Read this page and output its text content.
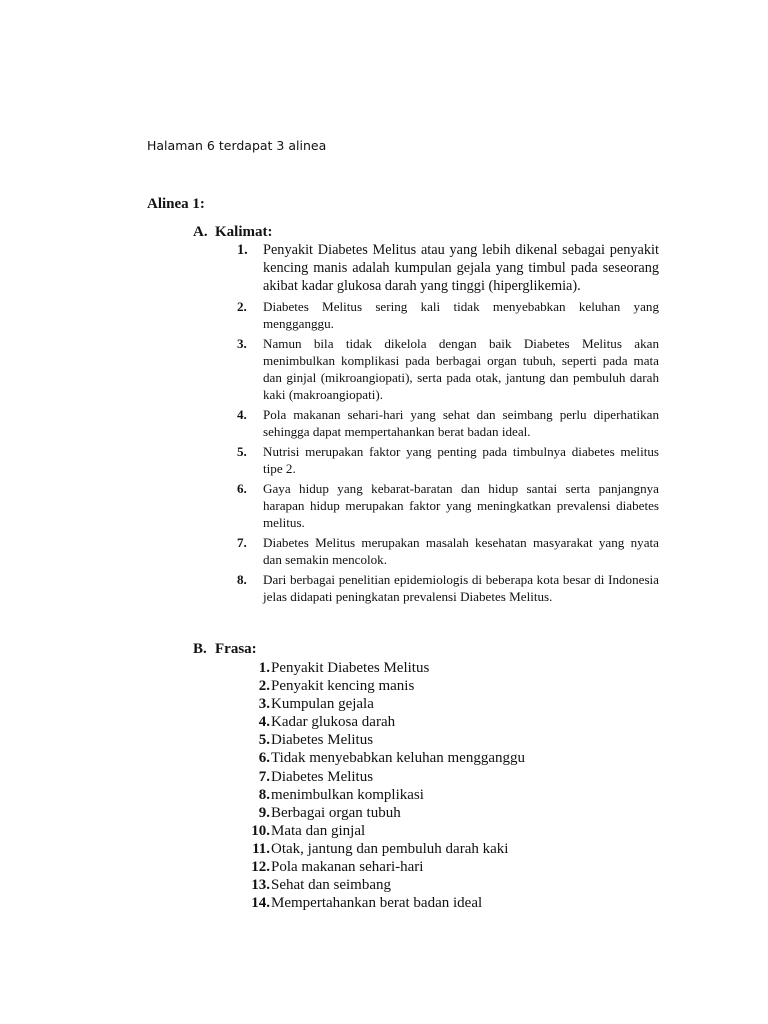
Halaman 6 terdapat 3 alinea
Alinea 1:
A. Kalimat:
1.	Penyakit Diabetes Melitus atau yang lebih dikenal sebagai penyakit kencing manis adalah kumpulan gejala yang timbul pada seseorang akibat kadar glukosa darah yang tinggi (hiperglikemia).
2.	Diabetes Melitus sering kali tidak menyebabkan keluhan yang mengganggu.
3.	Namun bila tidak dikelola dengan baik Diabetes Melitus akan menimbulkan komplikasi pada berbagai organ tubuh, seperti pada mata dan ginjal (mikroangiopati), serta pada otak, jantung dan pembuluh darah kaki (makroangiopati).
4.	Pola makanan sehari-hari yang sehat dan seimbang perlu diperhatikan sehingga dapat mempertahankan berat badan ideal.
5.	Nutrisi merupakan faktor yang penting pada timbulnya diabetes melitus tipe 2.
6.	Gaya hidup yang kebarat-baratan dan hidup santai serta panjangnya harapan hidup merupakan faktor yang meningkatkan prevalensi diabetes melitus.
7.	Diabetes Melitus merupakan masalah kesehatan masyarakat yang nyata dan semakin mencolok.
8.	Dari berbagai penelitian epidemiologis di beberapa kota besar di Indonesia jelas didapati peningkatan prevalensi Diabetes Melitus.
B. Frasa:
1. Penyakit Diabetes Melitus
2. Penyakit kencing manis
3. Kumpulan gejala
4. Kadar glukosa darah
5. Diabetes Melitus
6. Tidak menyebabkan keluhan mengganggu
7. Diabetes Melitus
8. menimbulkan komplikasi
9. Berbagai organ tubuh
10. Mata dan ginjal
11. Otak, jantung dan pembuluh darah kaki
12. Pola makanan sehari-hari
13. Sehat dan seimbang
14. Mempertahankan berat badan ideal
